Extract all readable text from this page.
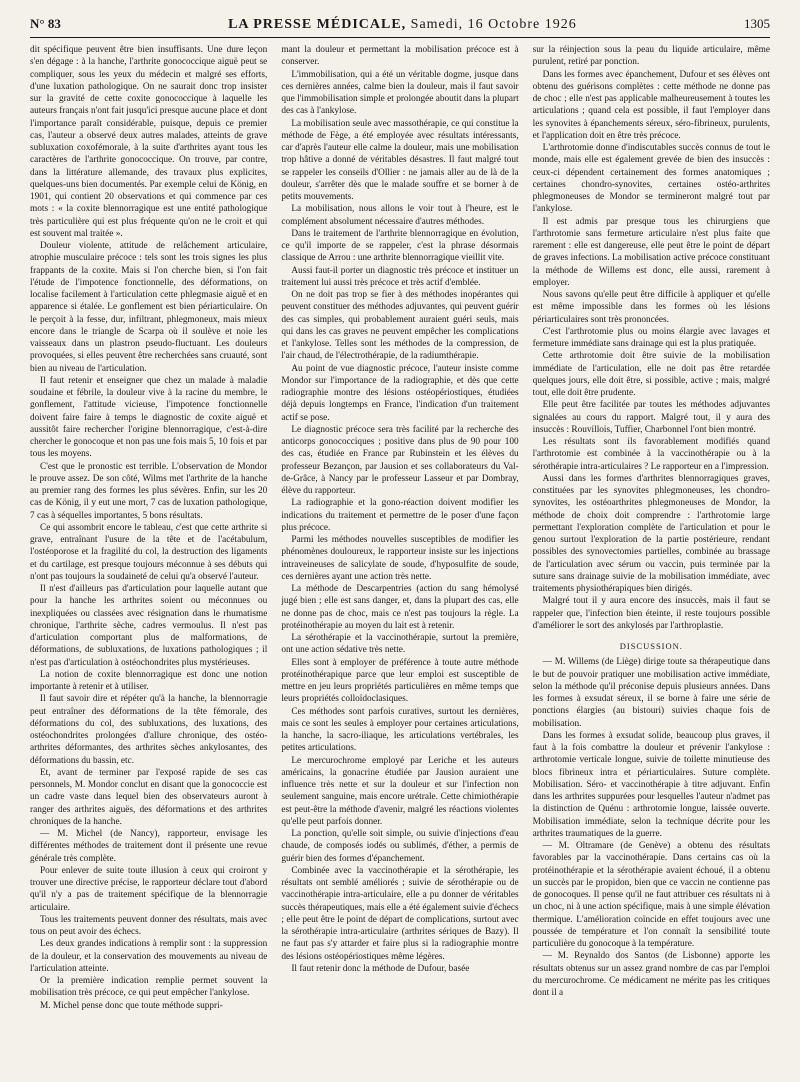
N° 83	LA PRESSE MÉDICALE, Samedi, 16 Octobre 1926	1305

dit spécifique peuvent être bien insuffisants. Une dure leçon s'en dégage : à la hanche, l'arthrite gonococcique aiguë peut se compliquer, sous les yeux du médecin et malgré ses efforts, d'une luxation pathologique. On ne saurait donc trop insister sur la gravité de cette coxite gonococcique à laquelle les auteurs français n'ont fait jusqu'ici presque aucune place et dont l'importance paraît considérable, puisque, depuis ce premier cas, l'auteur a observé deux autres malades, atteints de grave subluxation coxofémorale, à la suite d'arthrites ayant tous les caractères de l'arthrite gonococcique. On trouve, par contre, dans la littérature allemande, des travaux plus explicites, quelques-uns bien documentés. Par exemple celui de König, en 1901, qui contient 20 observations et qui commence par ces mots : « la coxite blennorragique est une entité pathologique très particulière qui est plus fréquente qu'on ne le croit et qui est souvent mal traitée ».

Douleur violente, attitude de relâchement articulaire, atrophie musculaire précoce : tels sont les trois signes les plus frappants de la coxite. Mais si l'on cherche bien, si l'on fait l'étude de l'impotence fonctionnelle, des déformations, on localise facilement à l'articulation cette phlegmasie aiguë et en apparence si étalée. Le gonflement est bien périarticulaire. On le perçoit à la fesse, dur, infiltrant, phlegmoneux, mais mieux encore dans le triangle de Scarpa où il soulève et noie les vaisseaux dans un plastron pseudo-fluctuant. Les douleurs provoquées, si elles peuvent être recherchées sans cruauté, sont bien au niveau de l'articulation.

Il faut retenir et enseigner que chez un malade à maladie soudaine et fébrile, la douleur vive à la racine du membre, le gonflement, l'attitude vicieuse, l'impotence fonctionnelle doivent faire faire à temps le diagnostic de coxite aiguë et aussitôt faire rechercher l'origine blennorragique, c'est-à-dire chercher le gonocoque et non pas une fois mais 5, 10 fois et par tous les moyens.

C'est que le pronostic est terrible. L'observation de Mondor le prouve assez. De son côté, Wilms met l'arthrite de la hanche au premier rang des formes les plus sévères. Enfin, sur les 20 cas de König, il y eut une mort, 7 cas de luxation pathologique, 7 cas à séquelles importantes, 5 bons résultats.

Ce qui assombrit encore le tableau, c'est que cette arthrite si grave, entraînant l'usure de la tête et de l'acétabulum, l'ostéoporose et la fragilité du col, la destruction des ligaments et du cartilage, est presque toujours méconnue à ses débuts qui n'ont pas toujours la soudaineté de celui qu'a observé l'auteur.

Il n'est d'ailleurs pas d'articulation pour laquelle autant que pour la hanche les arthrites soient ou méconnues ou inexpliquées ou classées avec résignation dans le rhumatisme chronique, l'arthrite sèche, cadres vermoulus. Il n'est pas d'articulation comportant plus de malformations, de déformations, de subluxations, de luxations pathologiques ; il n'est pas d'articulation à ostéochondrites plus mystérieuses.

La notion de coxite blennorragique est donc une notion importante à retenir et à utiliser.

Il faut savoir dire et répéter qu'à la hanche, la blennorragie peut entraîner des déformations de la tête fémorale, des déformations du col, des subluxations, des luxations, des ostéochondrites prolongées d'allure chronique, des ostéo-arthrites déformantes, des arthrites sèches ankylosantes, des déformations du bassin, etc.

Et, avant de terminer par l'exposé rapide de ses cas personnels, M. Mondor conclut en disant que la gonococcie est un cadre vaste dans lequel bien des observateurs auront à ranger des arthrites aiguës, des déformations et des arthrites chroniques de la hanche.

— M. Michel (de Nancy), rapporteur, envisage les différentes méthodes de traitement dont il présente une revue générale très complète.

Pour enlever de suite toute illusion à ceux qui croiront y trouver une directive précise, le rapporteur déclare tout d'abord qu'il n'y a pas de traitement spécifique de la blennorragie articulaire.

Tous les traitements peuvent donner des résultats, mais avec tous on peut avoir des échecs.

Les deux grandes indications à remplir sont : la suppression de la douleur, et la conservation des mouvements au niveau de l'articulation atteinte.

Or la première indication remplie permet souvent la mobilisation très précoce, ce qui peut empêcher l'ankylose.

M. Michel pense donc que toute méthode suppri-

mant la douleur et permettant la mobilisation précoce est à conserver.

L'immobilisation, qui a été un véritable dogme, jusque dans ces dernières années, calme bien la douleur, mais il faut savoir que l'immobilisation simple et prolongée aboutit dans la plupart des cas à l'ankylose.

La mobilisation seule avec massothérapie, ce qui constitue la méthode de Fège, a été employée avec résultats intéressants, car d'après l'auteur elle calme la douleur, mais une mobilisation trop hâtive a donné de véritables désastres. Il faut malgré tout se rappeler les conseils d'Ollier : ne jamais aller au de là de la douleur, s'arrêter dès que le malade souffre et se borner à de petits mouvements.

La mobilisation, nous allons le voir tout à l'heure, est le complément absolument nécessaire d'autres méthodes.

Dans le traitement de l'arthrite blennorragique en évolution, ce qu'il importe de se rappeler, c'est la phrase désormais classique de Arrou : une arthrite blennorragique vieillit vite.

Aussi faut-il porter un diagnostic très précoce et instituer un traitement lui aussi très précoce et très actif d'emblée.

On ne doit pas trop se fier à des méthodes inopérantes qui peuvent constituer des méthodes adjuvantes, qui peuvent guérir des cas simples, qui probablement auraient guéri seuls, mais qui dans les cas graves ne peuvent empêcher les complications et l'ankylose. Telles sont les méthodes de la compression, de l'air chaud, de l'électrothérapie, de la radiumthérapie.

Au point de vue diagnostic précoce, l'auteur insiste comme Mondor sur l'importance de la radiographie, et dès que cette radiographie montre des lésions ostéopériostiques, étudiées déjà depuis longtemps en France, l'indication d'un traitement actif se pose.

Le diagnostic précoce sera très facilité par la recherche des anticorps gonococciques ; positive dans plus de 90 pour 100 des cas, étudiée en France par Rubinstein et les élèves du professeur Bezançon, par Jausion et ses collaborateurs du Val-de-Grâce, à Nancy par le professeur Lasseur et par Dombray, élève du rapporteur.

La radiographie et la gono-réaction doivent modifier les indications du traitement et permettre de le poser d'une façon plus précoce.

Parmi les méthodes nouvelles susceptibles de modifier les phénomènes douloureux, le rapporteur insiste sur les injections intraveineuses de salicylate de soude, d'hyposulfite de soude, ces dernières ayant une action très nette.

La méthode de Descarpentries (action du sang hémolysé jugé bien ; elle est sans danger, et, dans la plupart des cas, elle ne donne pas de choc, mais ce n'est pas toujours la règle. La protéinothérapie au moyen du lait est à retenir.

La sérothérapie et la vaccinothérapie, surtout la première, ont une action sédative très nette.

Elles sont à employer de préférence à toute autre méthode protéinothérapique parce que leur emploi est susceptible de mettre en jeu leurs propriétés particulières en même temps que leurs propriétés colloïdoclasiques.

Ces méthodes sont parfois curatives, surtout les dernières, mais ce sont les seules à employer pour certaines articulations, la hanche, la sacro-iliaque, les articulations vertébrales, les petites articulations.

Le mercurochrome employé par Leriche et les auteurs américains, la gonacrine étudiée par Jausion auraient une influence très nette et sur la douleur et sur l'infection non seulement sanguine, mais encore urétrale. Cette chimiothérapie est peut-être la méthode d'avenir, malgré les réactions violentes qu'elle peut parfois donner.

La ponction, qu'elle soit simple, ou suivie d'injections d'eau chaude, de composés iodés ou sublimés, d'éther, a permis de guérir bien des formes d'épanchement.

Combinée avec la vaccinothérapie et la sérothérapie, les résultats ont semblé améliorés ; suivie de sérothérapie ou de vaccinothérapie intra-articulaire, elle a pu donner de véritables succès thérapeutiques, mais elle a été également suivie d'échecs ; elle peut être le point de départ de complications, surtout avec la sérothérapie intra-articulaire (arthrites sériques de Bazy). Il ne faut pas s'y attarder et faire plus si la radiographie montre des lésions ostéopériostiques même légères.

Il faut retenir donc la méthode de Dufour, basée

sur la réinjection sous la peau du liquide articulaire, même purulent, retiré par ponction.

Dans les formes avec épanchement, Dufour et ses élèves ont obtenu des guérisons complètes : cette méthode ne donne pas de choc ; elle n'est pas applicable malheureusement à toutes les articulations ; quand cela est possible, il faut l'employer dans les synovites à épanchements séreux, séro-fibrineux, purulents, et l'application doit en être très précoce.

L'arthrotomie donne d'indiscutables succès connus de tout le monde, mais elle est également grevée de bien des insuccès : ceux-ci dépendent certainement des formes anatomiques ; certaines chondro-synovites, certaines ostéo-arthrites phlegmoneuses de Mondor se termineront malgré tout par l'ankylose.

Il est admis par presque tous les chirurgiens que l'arthrotomie sans fermeture articulaire n'est plus faite que rarement : elle est dangereuse, elle peut être le point de départ de graves infections. La mobilisation active précoce constituant la méthode de Willems est donc, elle aussi, rarement à employer.

Nous savons qu'elle peut être difficile à appliquer et qu'elle est même impossible dans les formes où les lésions périarticulaires sont très prononcées.

C'est l'arthrotomie plus ou moins élargie avec lavages et fermeture immédiate sans drainage qui est la plus pratiquée.

Cette arthrotomie doit être suivie de la mobilisation immédiate de l'articulation, elle ne doit pas être retardée quelques jours, elle doit être, si possible, active ; mais, malgré tout, elle doit être prudente.

Elle peut être facilitée par toutes les méthodes adjuvantes signalées au cours du rapport. Malgré tout, il y aura des insuccès : Rouvillois, Tuffier, Charbonnel l'ont bien montré.

Les résultats sont ils favorablement modifiés quand l'arthrotomie est combinée à la vaccinothérapie ou à la sérothérapie intra-articulaires ? Le rapporteur en a l'impression.

Aussi dans les formes d'arthrites blennorragiques graves, constituées par les synovites phlegmoneuses, les chondro-synovites, les ostéoarthrites phlegmoneuses de Mondor, la méthode de choix doit comprendre : l'arthrotomie large permettant l'exploration complète de l'articulation et pour le genou surtout l'exploration de la partie postérieure, rendant possibles des synovectomies partielles, combinée au brassage de l'articulation avec sérum ou vaccin, puis terminée par la suture sans drainage suivie de la mobilisation immédiate, avec traitements physiothérapiques bien dirigés.

Malgré tout il y aura encore des insuccès, mais il faut se rappeler que, l'infection bien éteinte, il reste toujours possible d'améliorer le sort des ankylosés par l'arthroplastie.

DISCUSSION.

— M. Willems (de Liège) dirige toute sa thérapeutique dans le but de pouvoir pratiquer une mobilisation active immédiate, selon la méthode qu'il préconise depuis plusieurs années. Dans les formes à exsudat séreux, il se borne à faire une série de ponctions élargies (au bistouri) suivies chaque fois de mobilisation.

Dans les formes à exsudat solide, beaucoup plus graves, il faut à la fois combattre la douleur et prévenir l'ankylose : arthrotomie verticale longue, suivie de toilette minutieuse des blocs fibrineux intra et périarticulaires. Suture complète. Mobilisation. Séro- et vaccinothérapie à titre adjuvant. Enfin dans les arthrites suppurées pour lesquelles l'auteur n'admet pas la distinction de Quénu : arthrotomie longue, laissée ouverte. Mobilisation immédiate, selon la technique décrite pour les arthrites traumatiques de la guerre.

— M. Oltramare (de Genève) a obtenu des résultats favorables par la vaccinothérapie. Dans certains cas où la protéinothérapie et la sérothérapie avaient échoué, il a obtenu un succès par le propidon, bien que ce vaccin ne contienne pas de gonocoques. Il pense qu'il ne faut attribuer ces résultats ni à un choc, ni à une action spécifique, mais à une simple élévation thermique. L'amélioration coïncide en effet toujours avec une poussée de température et l'on connaît la sensibilité toute particulière du gonocoque à la température.

— M. Reynaldo dos Santos (de Lisbonne) apporte les résultats obtenus sur un assez grand nombre de cas par l'emploi du mercurochrome. Ce médicament ne mérite pas les critiques dont il a
